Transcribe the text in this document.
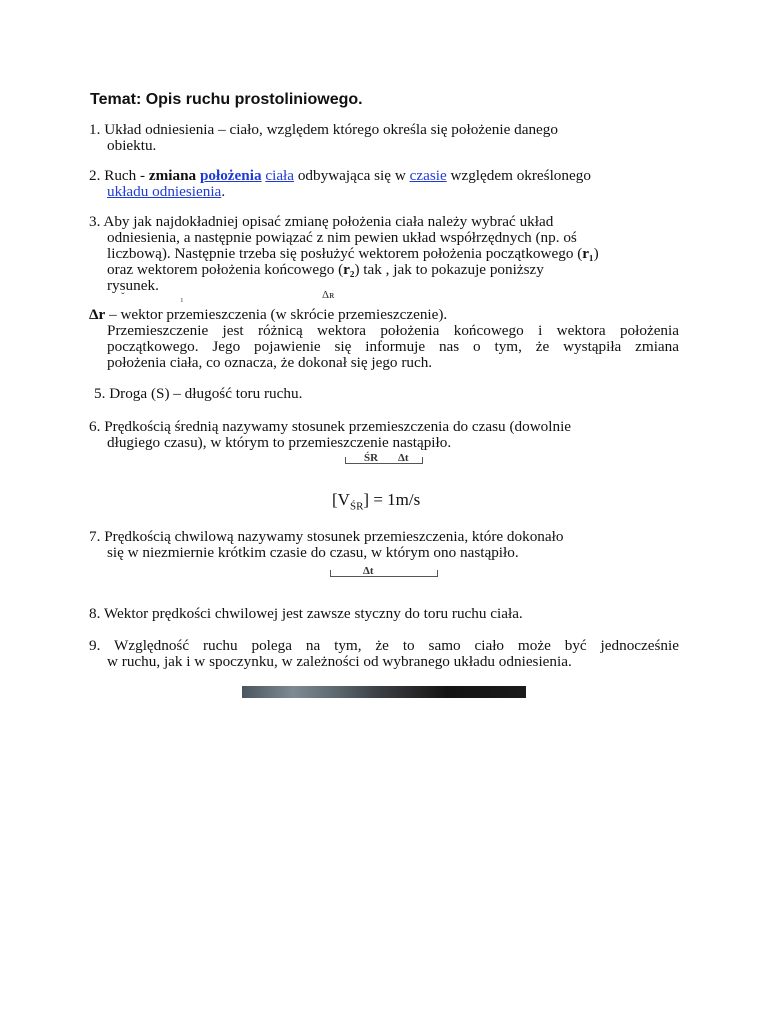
Temat: Opis ruchu prostoliniowego.
1. Układ odniesienia – ciało, względem którego określa się położenie danego
obiektu.
2. Ruch - zmiana położenia ciała odbywająca się w czasie względem określonego
układu odniesienia.
3. Aby jak najdokładniej opisać zmianę położenia ciała należy wybrać układ
odniesienia, a następnie powiązać z nim pewien układ współrzędnych (np. oś
liczbową). Następnie trzeba się posłużyć wektorem położenia początkowego (r₁)
oraz wektorem położenia końcowego (r₂) tak , jak to pokazuje poniższy
rysunek.
ˇ	₁	Δʀ
Δr – wektor przemieszczenia (w skrócie przemieszczenie).
Przemieszczenie jest różnicą wektora położenia końcowego i wektora położenia
początkowego. Jego pojawienie się informuje nas o tym, że wystąpiła zmiana
położenia ciała, co oznacza, że dokonał się jego ruch.
5. Droga (S) – długość toru ruchu.
6. Prędkością średnią nazywamy stosunek przemieszczenia do czasu (dowolnie
długiego czasu), w którym to przemieszczenie nastąpiło.
ŚR Δt
$[V_{ŚR}] = 1m/s$
7. Prędkością chwilową nazywamy stosunek przemieszczenia, które dokonało
się w niezmiernie krótkim czasie do czasu, w którym ono nastąpiło.
Δt
8. Wektor prędkości chwilowej jest zawsze styczny do toru ruchu ciała.
9. Względność ruchu polega na tym, że to samo ciało może być jednocześnie
w ruchu, jak i w spoczynku, w zależności od wybranego układu odniesienia.
